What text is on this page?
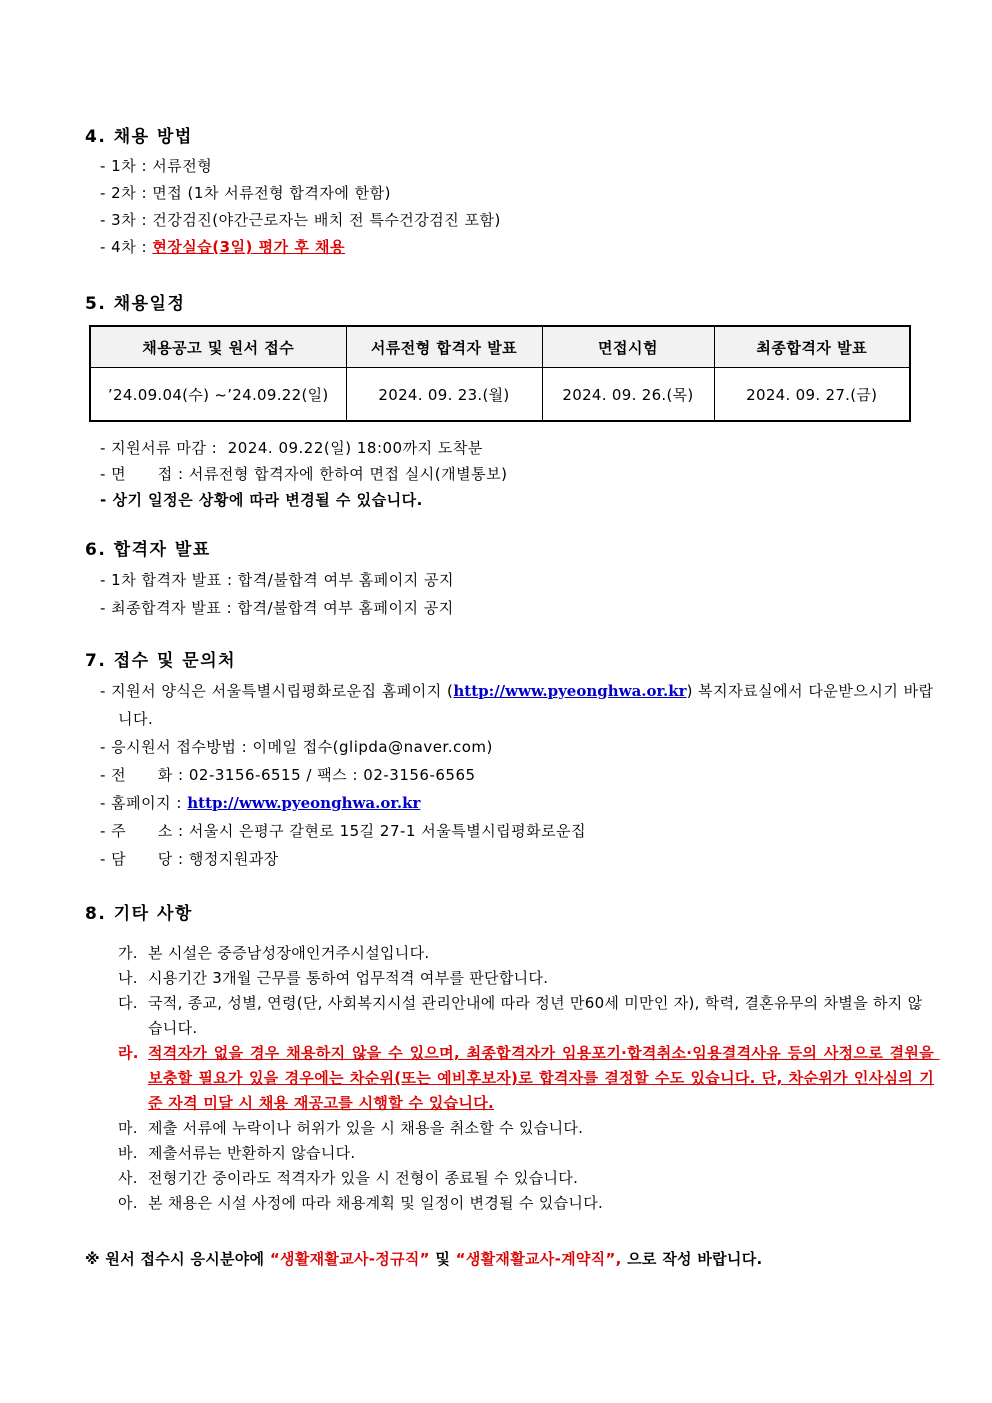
4. 채용 방법

- 1차 : 서류전형

- 2차 : 면접 (1차 서류전형 합격자에 한함)

- 3차 : 건강검진(야간근로자는 배치 전 특수건강검진 포함)

- 4차 : 현장실습(3일) 평가 후 채용

5. 채용일정
채용공고 및 원서 접수	서류전형 합격자 발표	면접시험	최종합격자 발표
’24.09.04(수) ~’24.09.22(일)	2024. 09. 23.(월)	2024. 09. 26.(목)	2024. 09. 27.(금)

- 지원서류 마감 :  2024. 09.22(일) 18:00까지 도착분

- 면      접 : 서류전형 합격자에 한하여 면접 실시(개별통보)

- 상기 일정은 상황에 따라 변경될 수 있습니다.

6. 합격자 발표

- 1차 합격자 발표 : 합격/불합격 여부 홈페이지 공지

- 최종합격자 발표 : 합격/불합격 여부 홈페이지 공지

7. 접수 및 문의처

- 지원서 양식은 서울특별시립평화로운집 홈페이지 (http://www.pyeonghwa.or.kr) 복지자료실에서 다운받으시기 바랍니다.

- 응시원서 접수방법 : 이메일 접수(glipda@naver.com)

- 전      화 : 02-3156-6515 / 팩스 : 02-3156-6565

- 홈페이지 : http://www.pyeonghwa.or.kr

- 주      소 : 서울시 은평구 갈현로 15길 27-1 서울특별시립평화로운집

- 담      당 : 행정지원과장

8. 기타 사항

가. 본 시설은 중증남성장애인거주시설입니다.

나. 시용기간 3개월 근무를 통하여 업무적격 여부를 판단합니다.

다. 국적, 종교, 성별, 연령(단, 사회복지시설 관리안내에 따라 정년 만60세 미만인 자), 학력, 결혼유무의 차별을 하지 않습니다.

라. 적격자가 없을 경우 채용하지 않을 수 있으며, 최종합격자가 임용포기·합격취소·임용결격사유 등의 사정으로 결원을 보충할 필요가 있을 경우에는 차순위(또는 예비후보자)로 합격자를 결정할 수도 있습니다. 단, 차순위가 인사심의 기준 자격 미달 시 채용 재공고를 시행할 수 있습니다.

마. 제출 서류에 누락이나 허위가 있을 시 채용을 취소할 수 있습니다.

바. 제출서류는 반환하지 않습니다.

사. 전형기간 중이라도 적격자가 있을 시 전형이 종료될 수 있습니다.

아. 본 채용은 시설 사정에 따라 채용계획 및 일정이 변경될 수 있습니다.

※ 원서 접수시 응시분야에 “생활재활교사-정규직” 및 “생활재활교사-계약직”, 으로 작성 바랍니다.
